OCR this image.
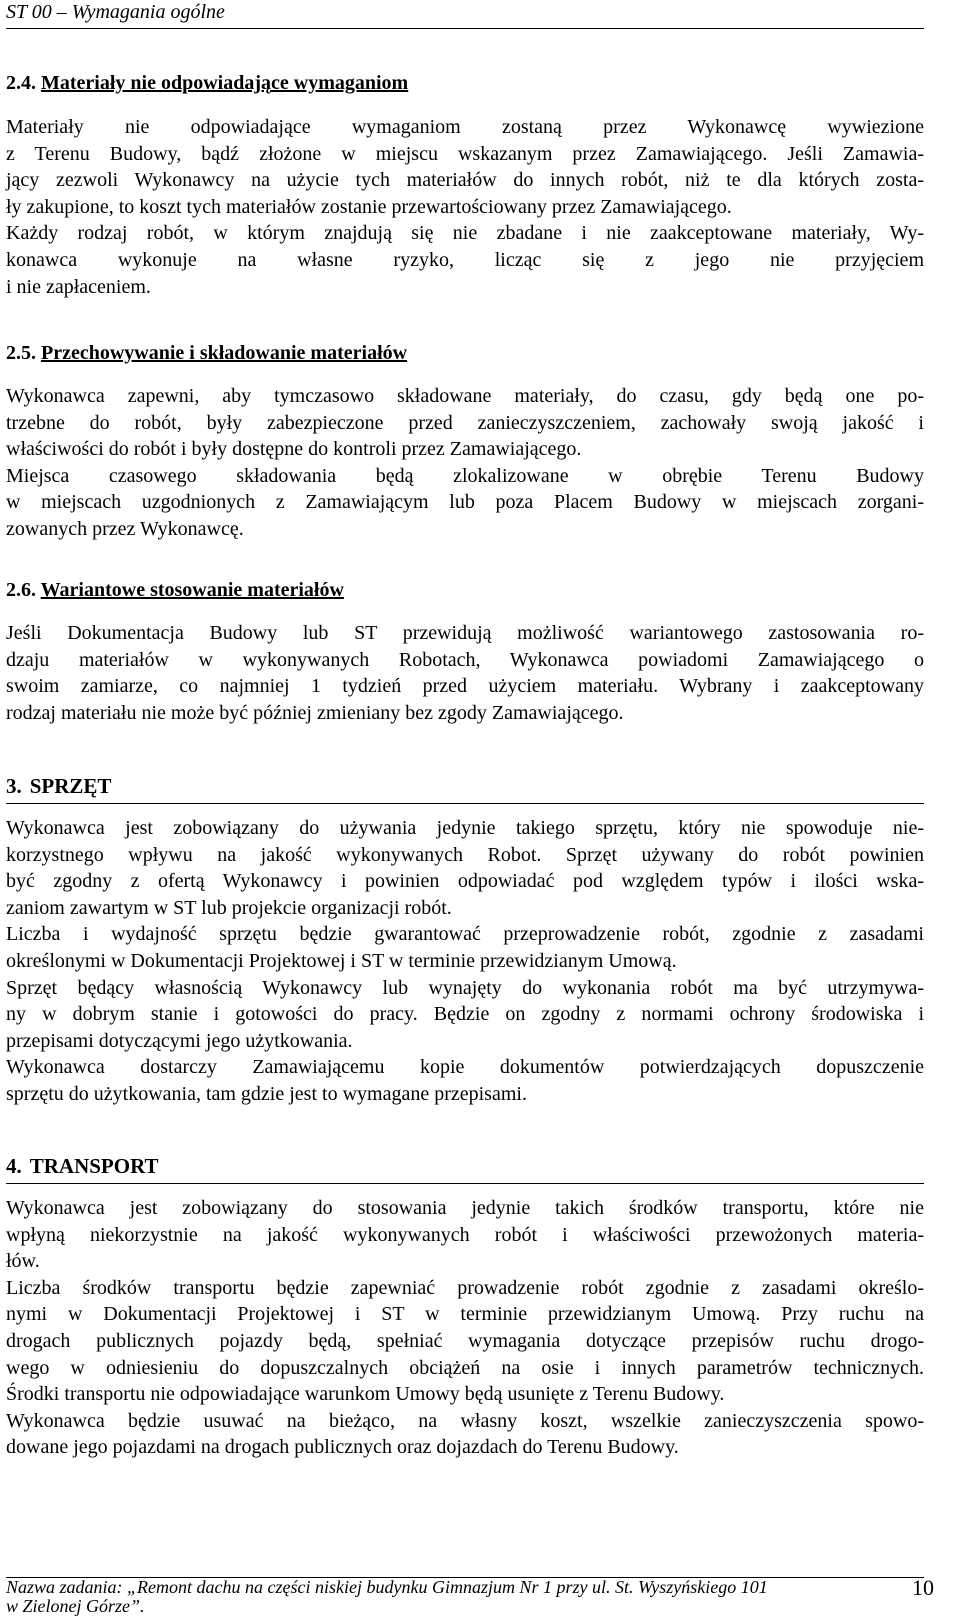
ST 00 – Wymagania ogólne
2.4. Materiały nie odpowiadające wymaganiom
Materiały nie odpowiadające wymaganiom zostaną przez Wykonawcę wywiezione
z Terenu Budowy, bądź złożone w miejscu wskazanym przez Zamawiającego. Jeśli Zamawia-
jący zezwoli Wykonawcy na użycie tych materiałów do innych robót, niż te dla których zosta-
ły zakupione, to koszt tych materiałów zostanie przewartościowany przez Zamawiającego.
Każdy rodzaj robót, w którym znajdują się nie zbadane i nie zaakceptowane materiały, Wy-
konawca wykonuje na własne ryzyko, licząc się z jego nie przyjęciem
i nie zapłaceniem.
2.5. Przechowywanie i składowanie materiałów
Wykonawca zapewni, aby tymczasowo składowane materiały, do czasu, gdy będą one po-
trzebne do robót, były zabezpieczone przed zanieczyszczeniem, zachowały swoją jakość i
właściwości do robót i były dostępne do kontroli przez Zamawiającego.
Miejsca czasowego składowania będą zlokalizowane w obrębie Terenu Budowy
w miejscach uzgodnionych z Zamawiającym lub poza Placem Budowy w miejscach zorgani-
zowanych przez Wykonawcę.
2.6. Wariantowe stosowanie materiałów
Jeśli Dokumentacja Budowy lub ST przewidują możliwość wariantowego zastosowania ro-
dzaju materiałów w wykonywanych Robotach, Wykonawca powiadomi Zamawiającego o
swoim zamiarze, co najmniej 1 tydzień przed użyciem materiału. Wybrany i zaakceptowany
rodzaj materiału nie może być później zmieniany bez zgody Zamawiającego.
3. SPRZĘT
Wykonawca jest zobowiązany do używania jedynie takiego sprzętu, który nie spowoduje nie-
korzystnego wpływu na jakość wykonywanych Robot. Sprzęt używany do robót powinien
być zgodny z ofertą Wykonawcy i powinien odpowiadać pod względem typów i ilości wska-
zaniom zawartym w ST lub projekcie organizacji robót.
Liczba i wydajność sprzętu będzie gwarantować przeprowadzenie robót, zgodnie z zasadami
określonymi w Dokumentacji Projektowej i ST w terminie przewidzianym Umową.
Sprzęt będący własnością Wykonawcy lub wynajęty do wykonania robót ma być utrzymywa-
ny w dobrym stanie i gotowości do pracy. Będzie on zgodny z normami ochrony środowiska i
przepisami dotyczącymi jego użytkowania.
Wykonawca dostarczy Zamawiającemu kopie dokumentów potwierdzających dopuszczenie
sprzętu do użytkowania, tam gdzie jest to wymagane przepisami.
4. TRANSPORT
Wykonawca jest zobowiązany do stosowania jedynie takich środków transportu, które nie
wpłyną niekorzystnie na jakość wykonywanych robót i właściwości przewożonych materia-
łów.
Liczba środków transportu będzie zapewniać prowadzenie robót zgodnie z zasadami określo-
nymi w Dokumentacji Projektowej i ST w terminie przewidzianym Umową. Przy ruchu na
drogach publicznych pojazdy będą, spełniać wymagania dotyczące przepisów ruchu drogo-
wego w odniesieniu do dopuszczalnych obciążeń na osie i innych parametrów technicznych.
Środki transportu nie odpowiadające warunkom Umowy będą usunięte z Terenu Budowy.
Wykonawca będzie usuwać na bieżąco, na własny koszt, wszelkie zanieczyszczenia spowo-
dowane jego pojazdami na drogach publicznych oraz dojazdach do Terenu Budowy.
Nazwa zadania: „Remont dachu na części niskiej budynku Gimnazjum Nr 1 przy ul. St. Wyszyńskiego 101
w Zielonej Górze”.
10
